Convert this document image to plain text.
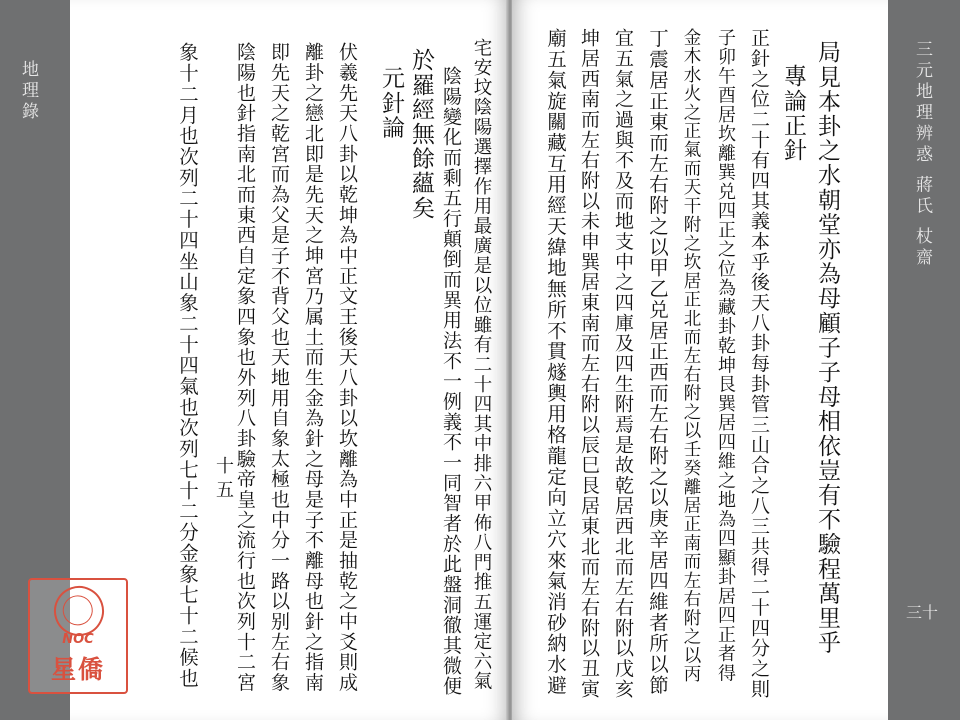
地理錄	三元地理辨惑 蔣氏 杖齋
三十
宅安坟陰陽選擇作用最廣是以位雖有二十四其中排六甲佈八門推五運定六氣
陰陽變化而剩五行顛倒而異用法不一例義不一同智者於此盤洞徹其微便
於羅經無餘蘊矣
元針論
伏羲先天八卦以乾坤為中正文王後天八卦以坎離為中正是抽乾之中爻則成
離卦之戀北即是先天之坤宮乃属土而生金為針之母是子不離母也針之指南
即先天之乾宮而為父是子不背父也天地用自象太極也中分一路以别左右象
陰陽也針指南北而東西自定象四象也外列八卦驗帝皇之流行也次列十二宮
象十二月也次列二十四坐山象二十四氣也次列七十二分金象七十二候也 十五
NOC
星僑
局見本卦之水朝堂亦為母顧子子母相依豈有不驗程萬里乎
專論正針
正針之位二十有四其義本乎後天八卦每卦管三山合之八三共得二十四分之則
子卯午酉居坎離巽兑四正之位為藏卦乾坤艮巽居四維之地為四顯卦居四正者得
金木水火之正氣而天干附之坎居正北而左右附之以壬癸離居正南而左右附之以丙
丁震居正東而左右附之以甲乙兑居正西而左右附之以庚辛居四維者所以節
宜五氣之過與不及而地支中之四庫及四生附焉是故乾居西北而左右附以戊亥
坤居西南而左右附以未申巽居東南而左右附以辰巳艮居東北而左右附以丑寅
廟五氣旋關藏互用經天緯地無所不貫燧輿用格龍定向立穴來氣消砂納水避
